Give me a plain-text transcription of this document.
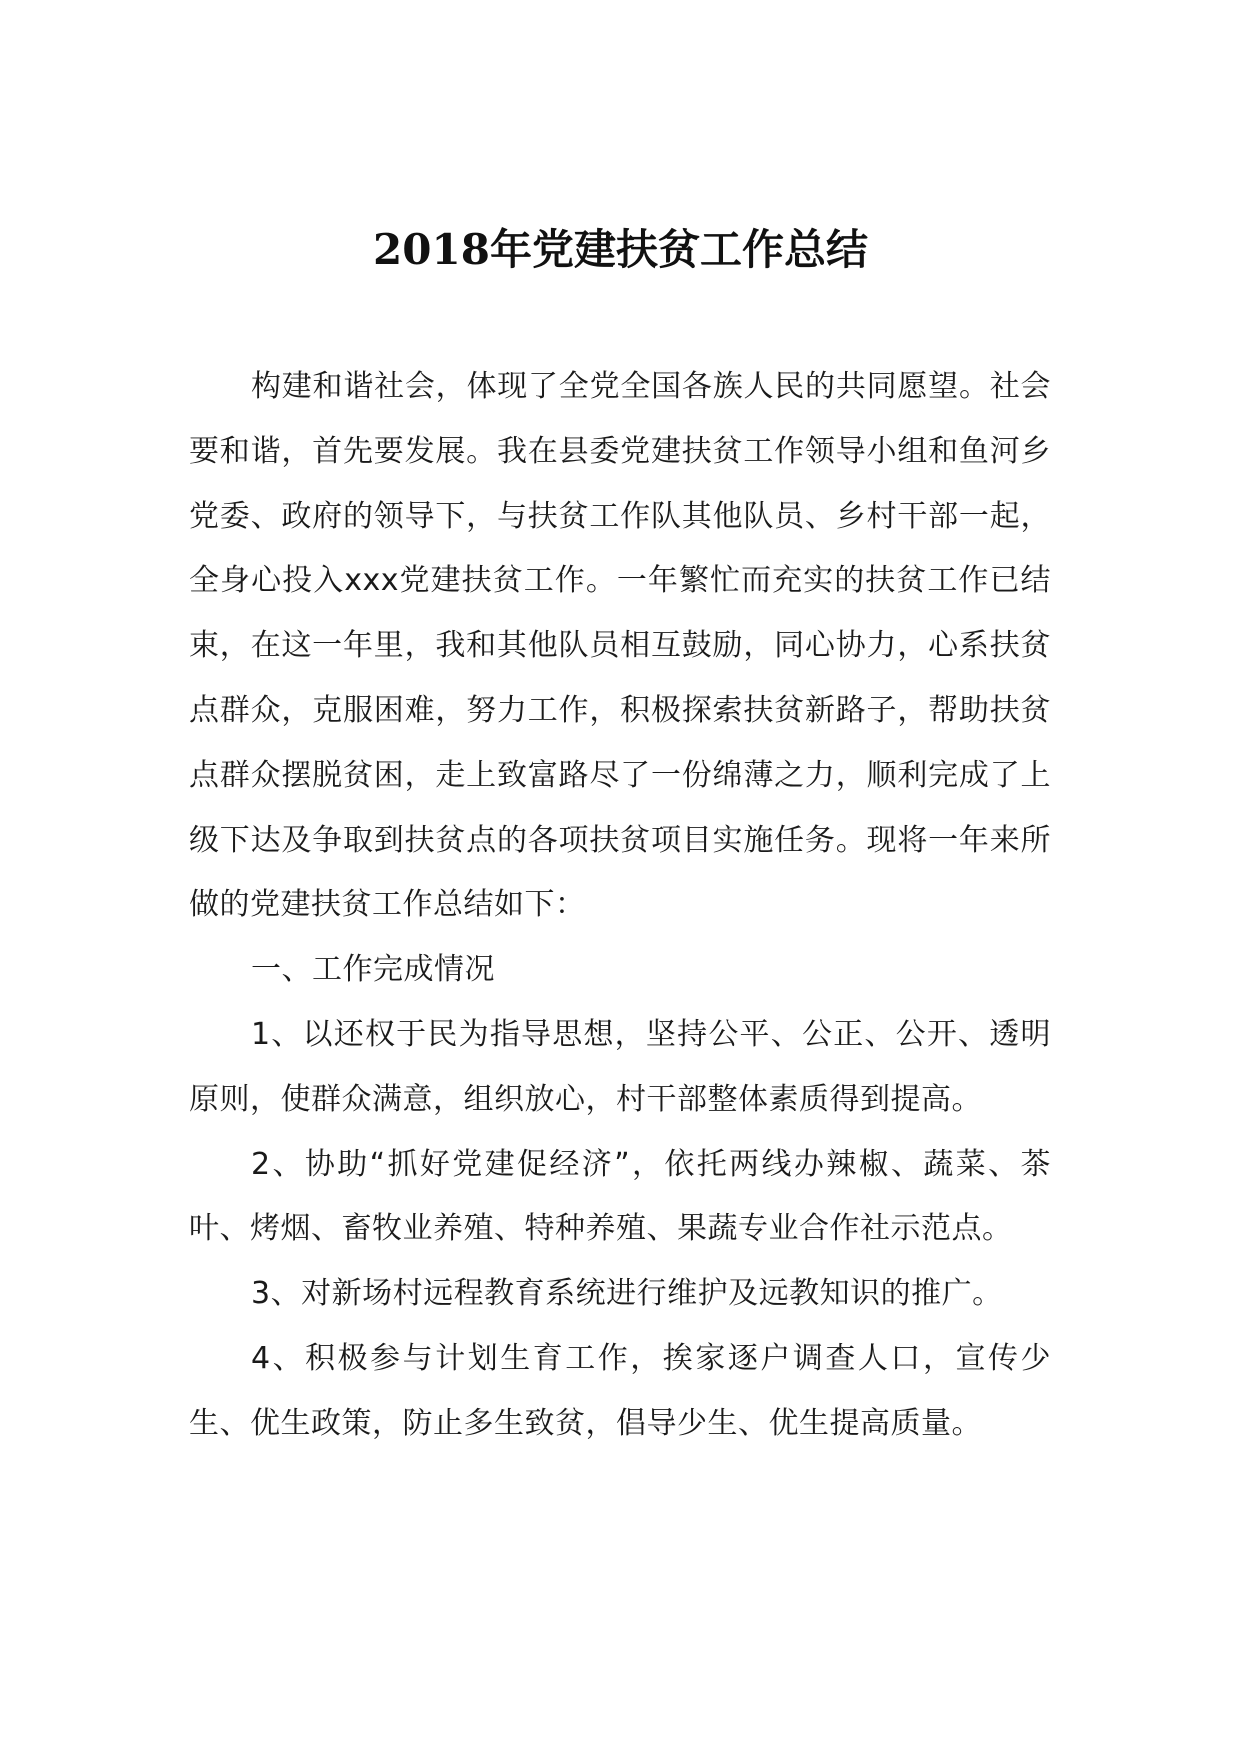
2018年党建扶贫工作总结

构建和谐社会，体现了全党全国各族人民的共同愿望。社会要和谐，首先要发展。我在县委党建扶贫工作领导小组和鱼河乡党委、政府的领导下，与扶贫工作队其他队员、乡村干部一起，全身心投入xxx党建扶贫工作。一年繁忙而充实的扶贫工作已结束，在这一年里，我和其他队员相互鼓励，同心协力，心系扶贫点群众，克服困难，努力工作，积极探索扶贫新路子，帮助扶贫点群众摆脱贫困，走上致富路尽了一份绵薄之力，顺利完成了上级下达及争取到扶贫点的各项扶贫项目实施任务。现将一年来所做的党建扶贫工作总结如下：

一、工作完成情况

1、以还权于民为指导思想，坚持公平、公正、公开、透明原则，使群众满意，组织放心，村干部整体素质得到提高。

2、协助“抓好党建促经济”，依托两线办辣椒、蔬菜、茶叶、烤烟、畜牧业养殖、特种养殖、果蔬专业合作社示范点。

3、对新场村远程教育系统进行维护及远教知识的推广。

4、积极参与计划生育工作，挨家逐户调查人口，宣传少生、优生政策，防止多生致贫，倡导少生、优生提高质量。
